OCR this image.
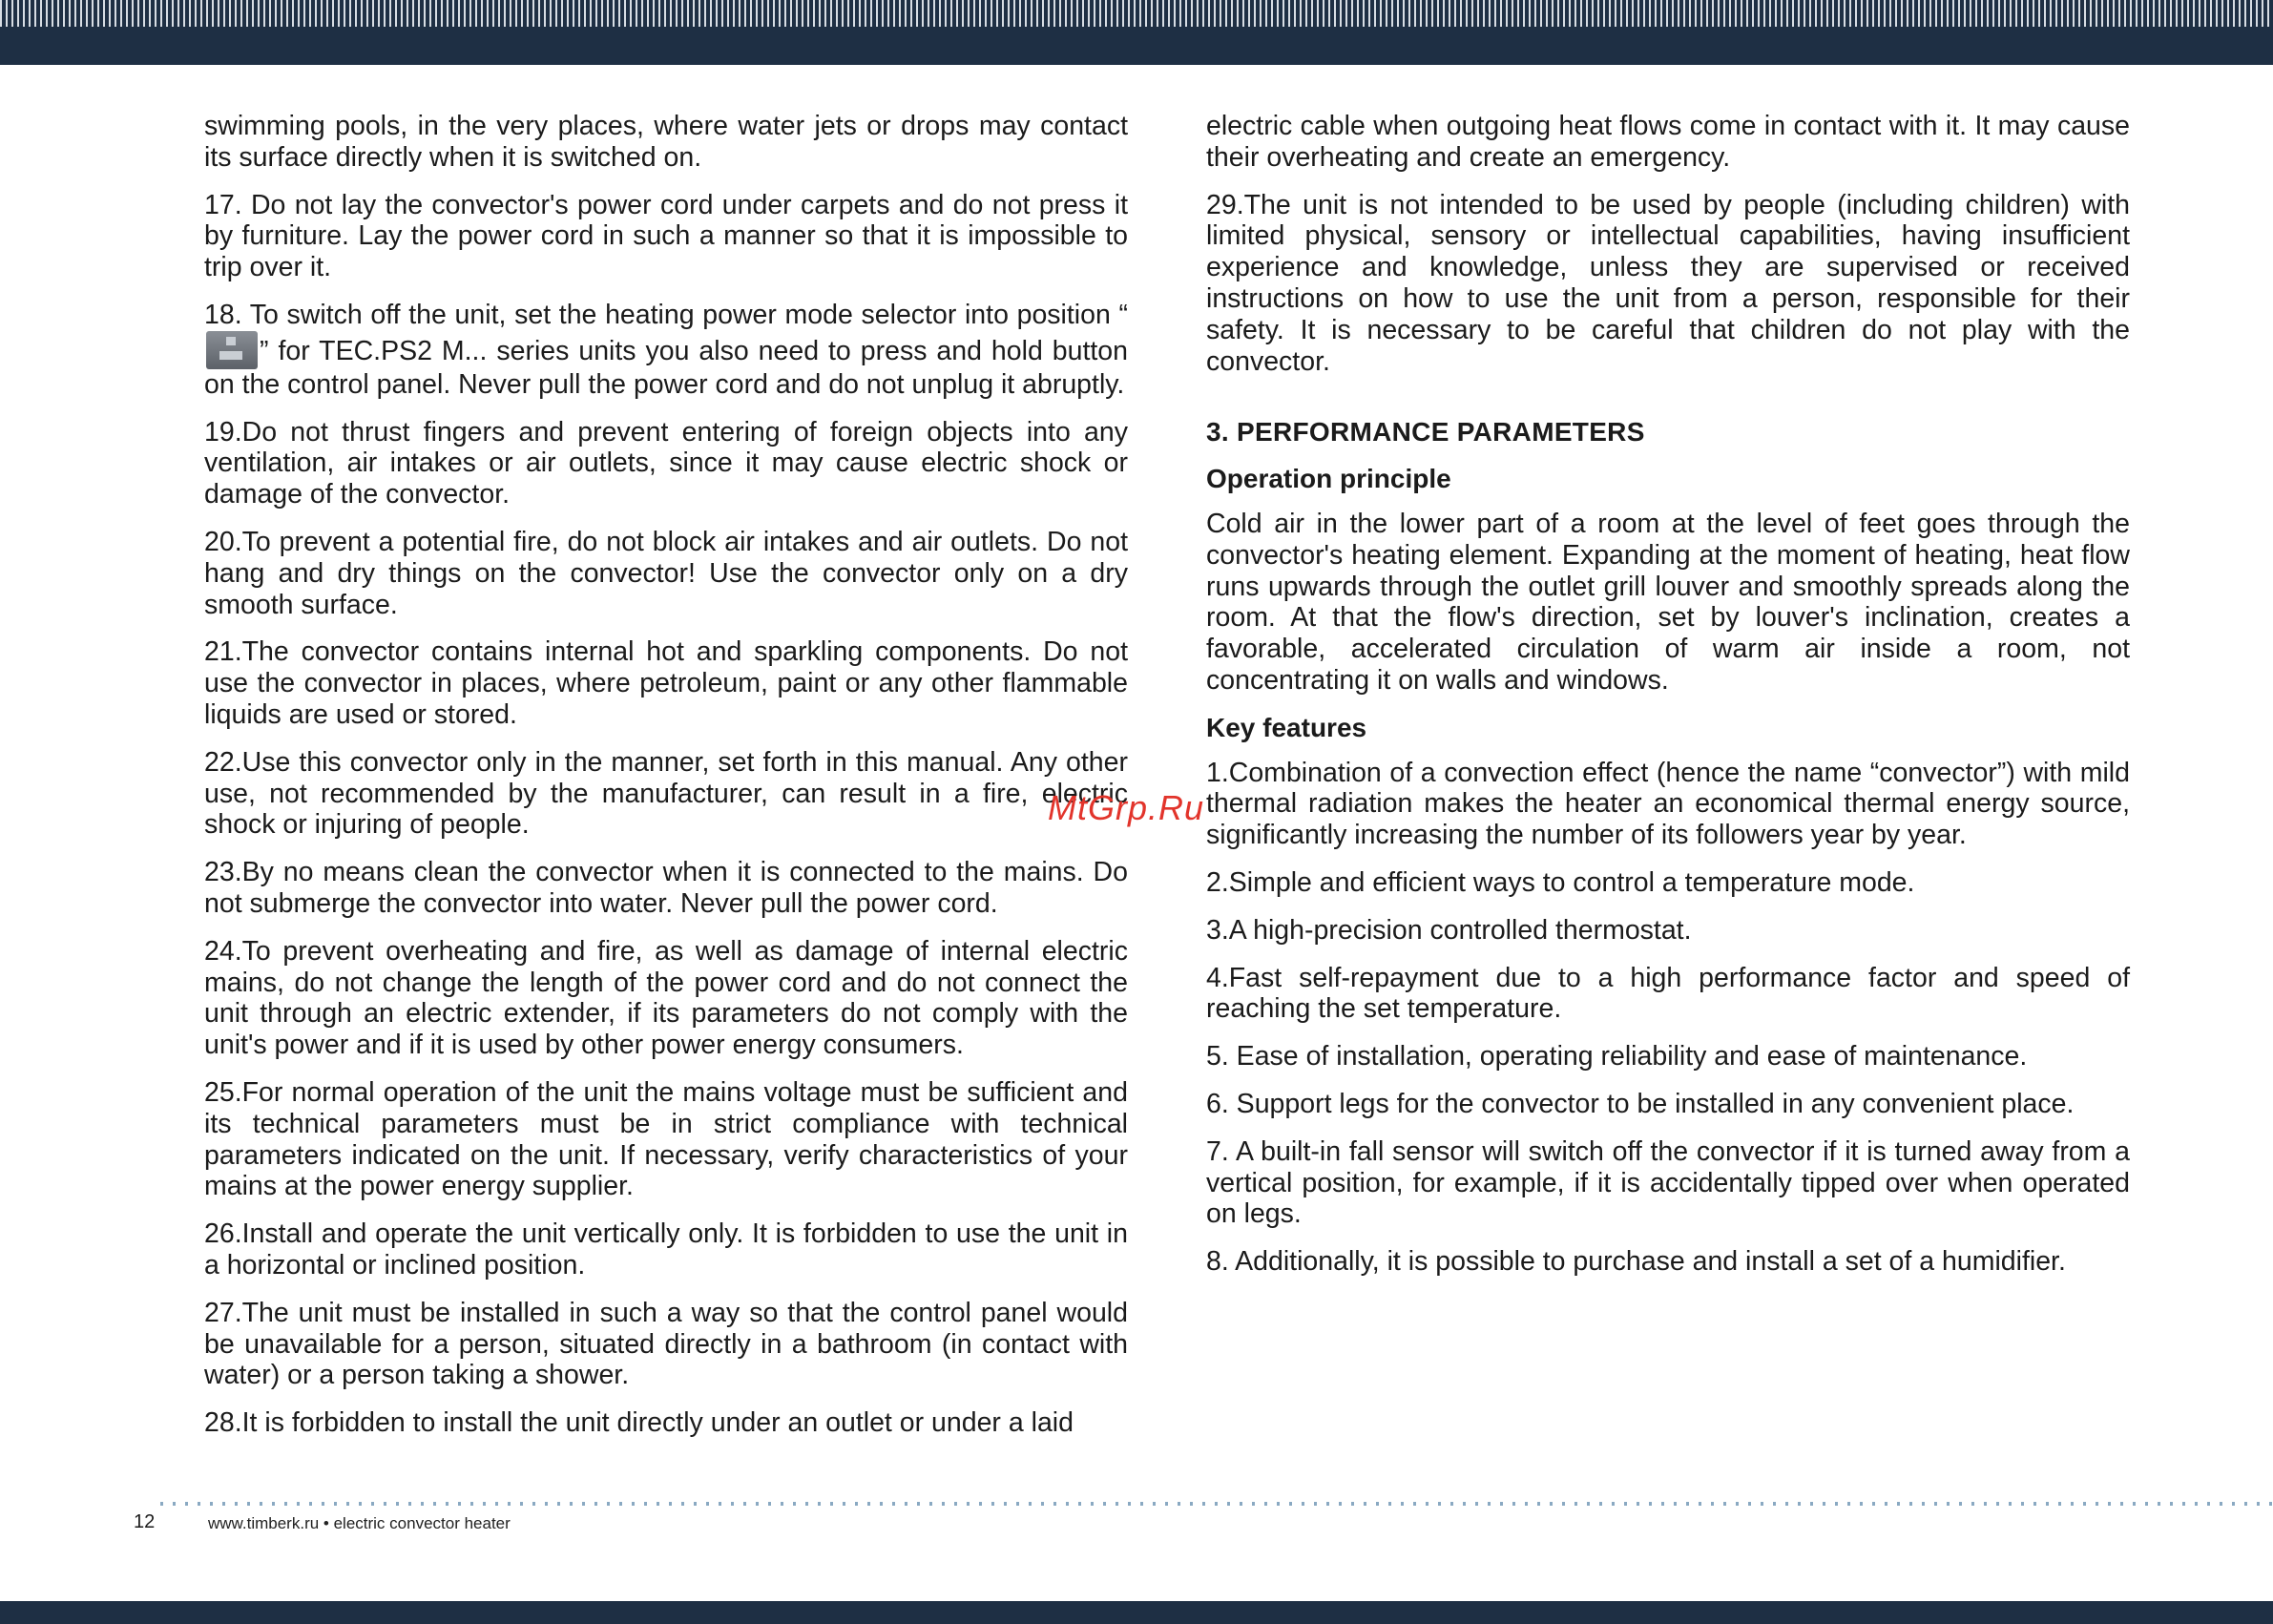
swimming pools, in the very places, where water jets or drops may contact its surface directly when it is switched on.

17. Do not lay the convector's power cord under carpets and do not press it by furniture. Lay the power cord in such a manner so that it is impossible to trip over it.

18. To switch off the unit, set the heating power mode selector into position “” for TEC.PS2 M... series units you also need to press and hold button on the control panel. Never pull the power cord and do not unplug it abruptly.

19.Do not thrust fingers and prevent entering of foreign objects into any ventilation, air intakes or air outlets, since it may cause electric shock or damage of the convector.

20.To prevent a potential fire, do not block air intakes and air outlets. Do not hang and dry things on the convector! Use the convector only on a dry smooth surface.

21.The convector contains internal hot and sparkling components. Do not use the convector in places, where petroleum, paint or any other flammable liquids are used or stored.

22.Use this convector only in the manner, set forth in this manual. Any other use, not recommended by the manufacturer, can result in a fire, electric shock or injuring of people.

23.By no means clean the convector when it is connected to the mains. Do not submerge the convector into water. Never pull the power cord.

24.To prevent overheating and fire, as well as damage of internal electric mains, do not change the length of the power cord and do not connect the unit through an electric extender, if its parameters do not comply with the unit's power and if it is used by other power energy consumers.

25.For normal operation of the unit the mains voltage must be sufficient and its technical parameters must be in strict compliance with technical parameters indicated on the unit. If necessary, verify characteristics of your mains at the power energy supplier.

26.Install and operate the unit vertically only. It is forbidden to use the unit in a horizontal or inclined position.

27.The unit must be installed in such a way so that the control panel would be unavailable for a person, situated directly in a bathroom (in contact with water) or a person taking a shower.

28.It is forbidden to install the unit directly under an outlet or under a laid

electric cable when outgoing heat flows come in contact with it. It may cause their overheating and create an emergency.

29.The unit is not intended to be used by people (including children) with limited physical, sensory or intellectual capabilities, having insufficient experience and knowledge, unless they are supervised or received instructions on how to use the unit from a person, responsible for their safety. It is necessary to be careful that children do not play with the convector.

3. PERFORMANCE PARAMETERS
Operation principle

Cold air in the lower part of a room at the level of feet goes through the convector's heating element. Expanding at the moment of heating, heat flow runs upwards through the outlet grill louver and smoothly spreads along the room. At that the flow's direction, set by louver's inclination, creates a favorable, accelerated circulation of warm air inside a room, not concentrating it on walls and windows.

Key features

1.Combination of a convection effect (hence the name “convector”) with mild thermal radiation makes the heater an economical thermal energy source, significantly increasing the number of its followers year by year.

2.Simple and efficient ways to control a temperature mode.

3.A high-precision controlled thermostat.

4.Fast self-repayment due to a high performance factor and speed of reaching the set temperature.

5. Ease of installation, operating reliability and ease of maintenance.

6. Support legs for the convector to be installed in any convenient place.

7. A built-in fall sensor will switch off the convector if it is turned away from a vertical position, for example, if it is accidentally tipped over when operated on legs.

8. Additionally, it is possible to purchase and install a set of a humidifier.

MtGrp.Ru
12	www.timberk.ru • electric convector heater
